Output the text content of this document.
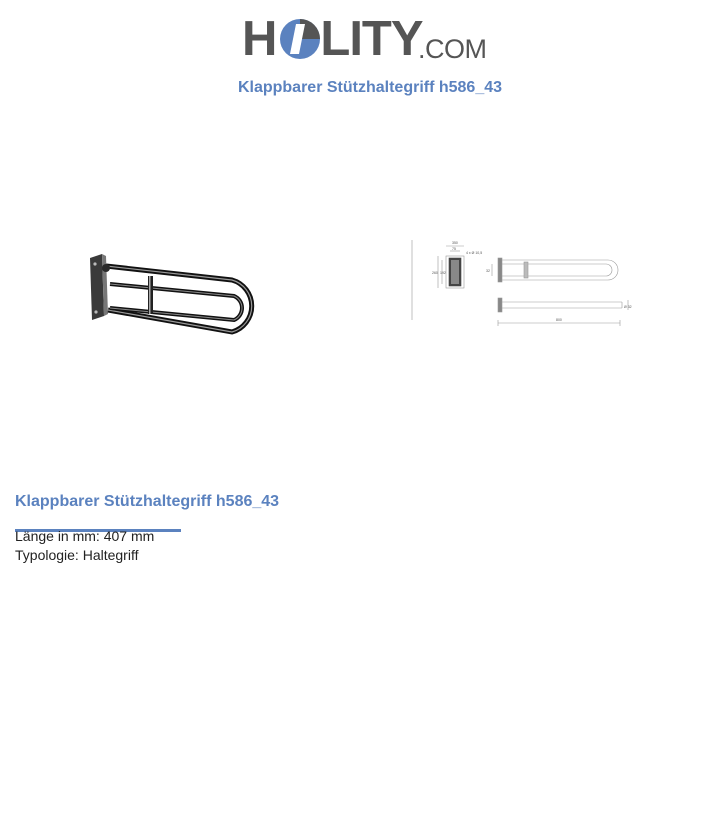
H LITY
.COM
Klappbarer Stützhaltegriff h586_43
350
75
4 x Ø 10,5
260 192	32
800
Ø 32
Klappbarer Stützhaltegriff h586_43
Länge in mm: 407 mm
Typologie: Haltegriff
